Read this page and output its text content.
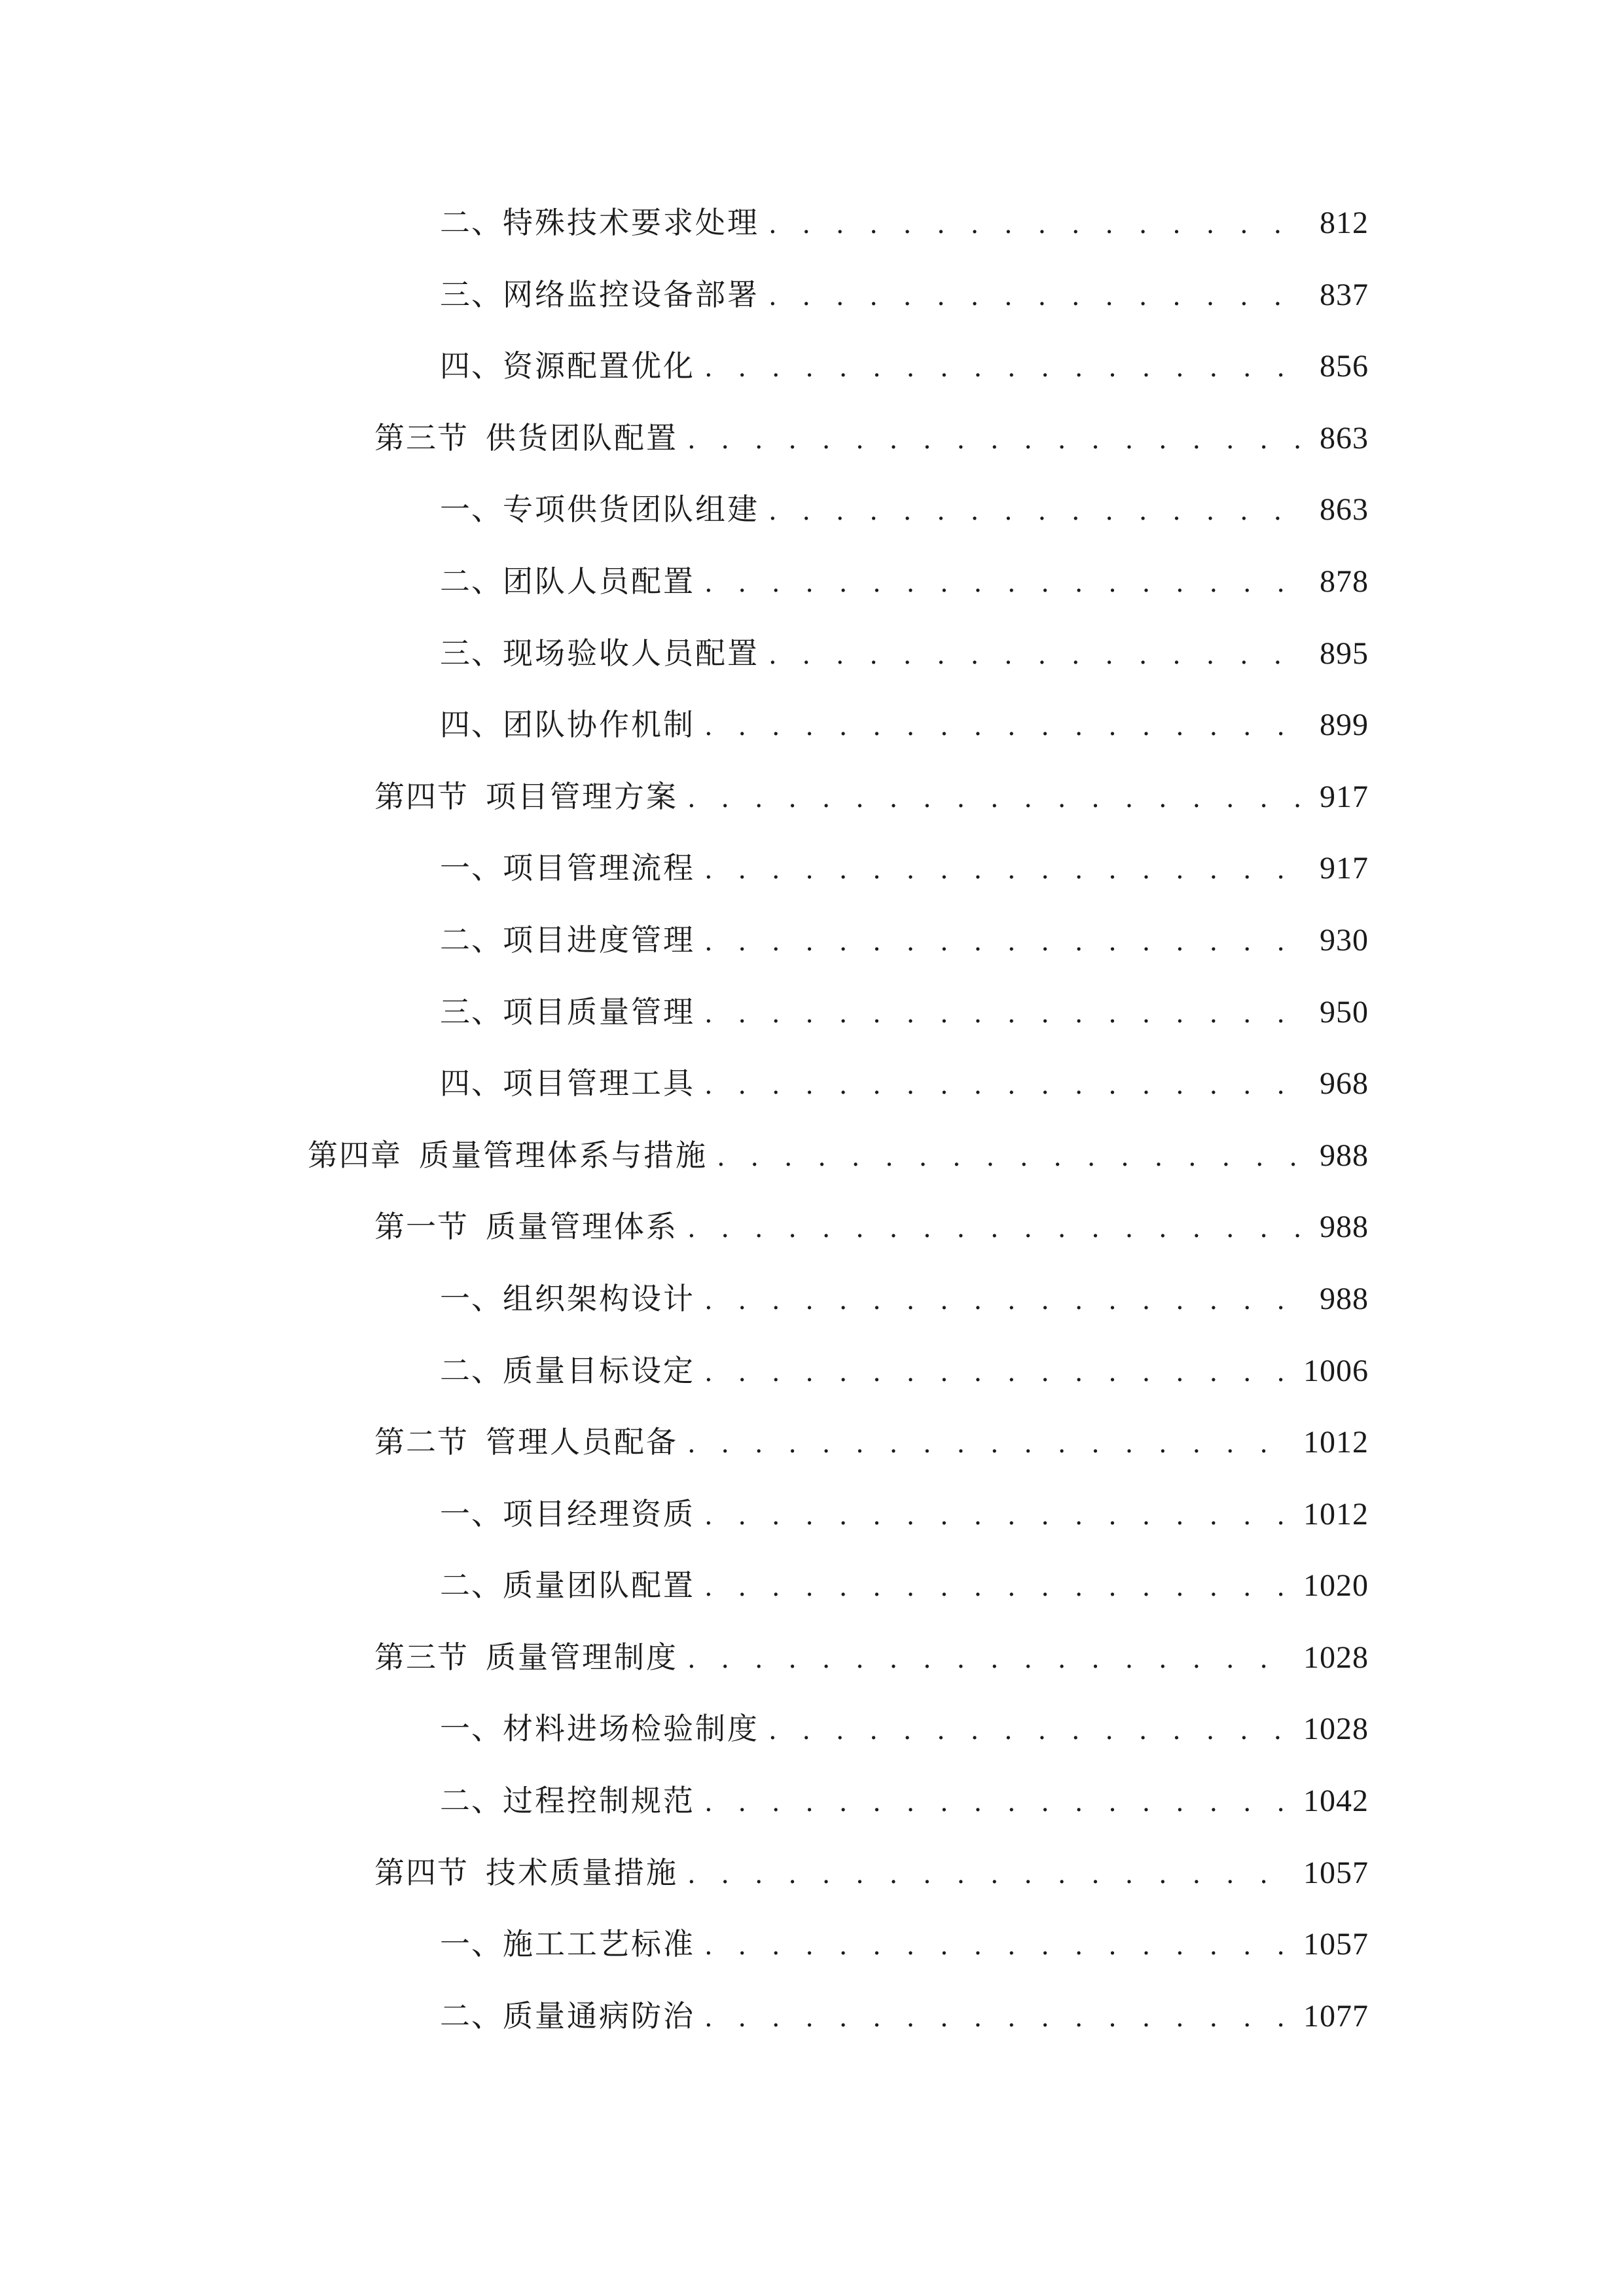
二、 特殊技术要求处理 . . .	812
三、 网络监控设备部署 . . .	837
四、 资源配置优化 . . .	856
第三节 供货团队配置 . . .	863
一、 专项供货团队组建 . . .	863
二、 团队人员配置 . . .	878
三、 现场验收人员配置 . . .	895
四、 团队协作机制 . . .	899
第四节 项目管理方案 . . .	917
一、 项目管理流程 . . .	917
二、 项目进度管理 . . .	930
三、 项目质量管理 . . .	950
四、 项目管理工具 . . .	968
第四章 质量管理体系与措施 . . .	988
第一节 质量管理体系 . . .	988
一、 组织架构设计 . . .	988
二、 质量目标设定 . . .	1006
第二节 管理人员配备 . . .	1012
一、 项目经理资质 . . .	1012
二、 质量团队配置 . . .	1020
第三节 质量管理制度 . . .	1028
一、 材料进场检验制度 . . .	1028
二、 过程控制规范 . . .	1042
第四节 技术质量措施 . . .	1057
一、 施工工艺标准 . . .	1057
二、 质量通病防治 . . .	1077
